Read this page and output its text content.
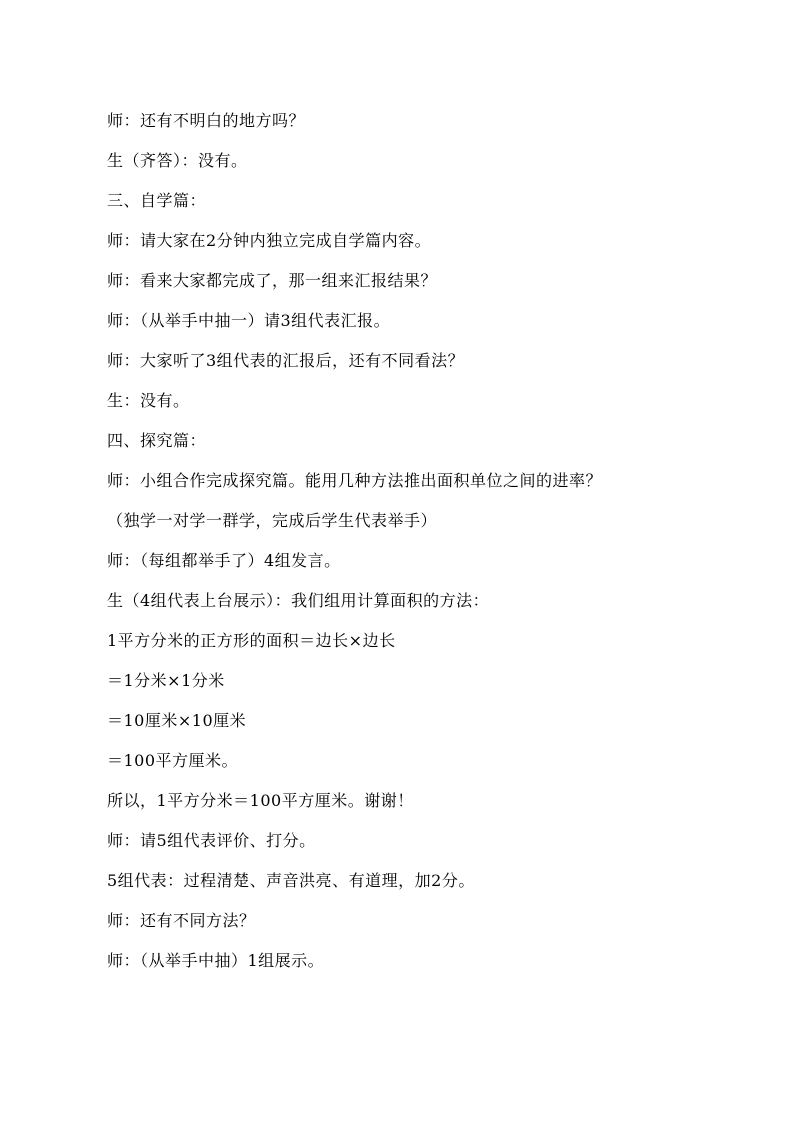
师：还有不明白的地方吗？
生（齐答）：没有。
三、自学篇：
师：请大家在2分钟内独立完成自学篇内容。
师：看来大家都完成了，那一组来汇报结果？
师：（从举手中抽一）请3组代表汇报。
师：大家听了3组代表的汇报后，还有不同看法？
生：没有。
四、探究篇：
师：小组合作完成探究篇。能用几种方法推出面积单位之间的进率？
（独学一对学一群学，完成后学生代表举手）
师：（每组都举手了）4组发言。
生（4组代表上台展示）：我们组用计算面积的方法：
1平方分米的正方形的面积＝边长×边长
＝1分米×1分米
＝10厘米×10厘米
＝100平方厘米。
所以，1平方分米＝100平方厘米。谢谢！
师：请5组代表评价、打分。
5组代表：过程清楚、声音洪亮、有道理，加2分。
师：还有不同方法？
师：（从举手中抽）1组展示。
